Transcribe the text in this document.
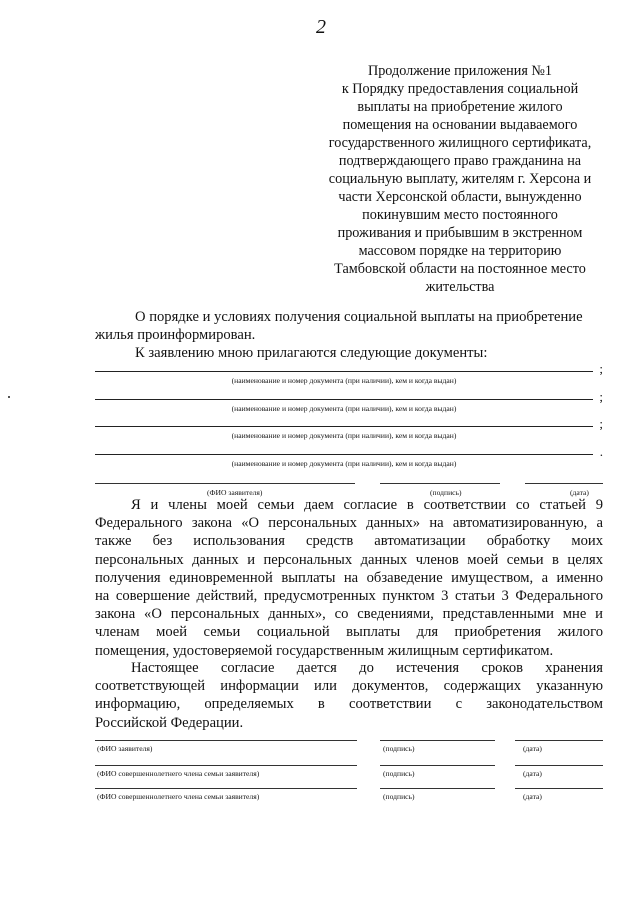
2
Продолжение приложения №1
к Порядку предоставления социальной
выплаты на приобретение жилого
помещения на основании выдаваемого
государственного жилищного сертификата,
подтверждающего право гражданина на
социальную выплату, жителям г. Херсона и
части Херсонской области, вынужденно
покинувшим место постоянного
проживания и прибывшим в экстренном
массовом порядке на территорию
Тамбовской области на постоянное место
жительства
О порядке и условиях получения социальной выплаты на приобретение
жилья проинформирован.
К заявлению мною прилагаются следующие документы:
;
(наименование и номер документа (при наличии), кем и когда выдан)
;
(наименование и номер документа (при наличии), кем и когда выдан)
;
(наименование и номер документа (при наличии), кем и когда выдан)
.
(наименование и номер документа (при наличии), кем и когда выдан)
(ФИО заявителя)	(подпись)	(дата)
Я и члены моей семьи даем согласие в соответствии со статьей 9
Федерального закона «О персональных данных» на автоматизированную, а
также без использования средств автоматизации обработку моих
персональных данных и персональных данных членов моей семьи в целях
получения единовременной выплаты на обзаведение имуществом, а именно
на совершение действий, предусмотренных пунктом 3 статьи 3 Федерального
закона «О персональных данных», со сведениями, представленными мне и
членам моей семьи социальной выплаты для приобретения жилого
помещения, удостоверяемой государственным жилищным сертификатом.
Настоящее согласие дается до истечения сроков хранения
соответствующей информации или документов, содержащих указанную
информацию, определяемых в соответствии с законодательством
Российской Федерации.
(ФИО заявителя)	(подпись)	(дата)
(ФИО совершеннолетнего члена семьи заявителя)	(подпись)	(дата)
(ФИО совершеннолетнего члена семьи заявителя)	(подпись)	(дата)
